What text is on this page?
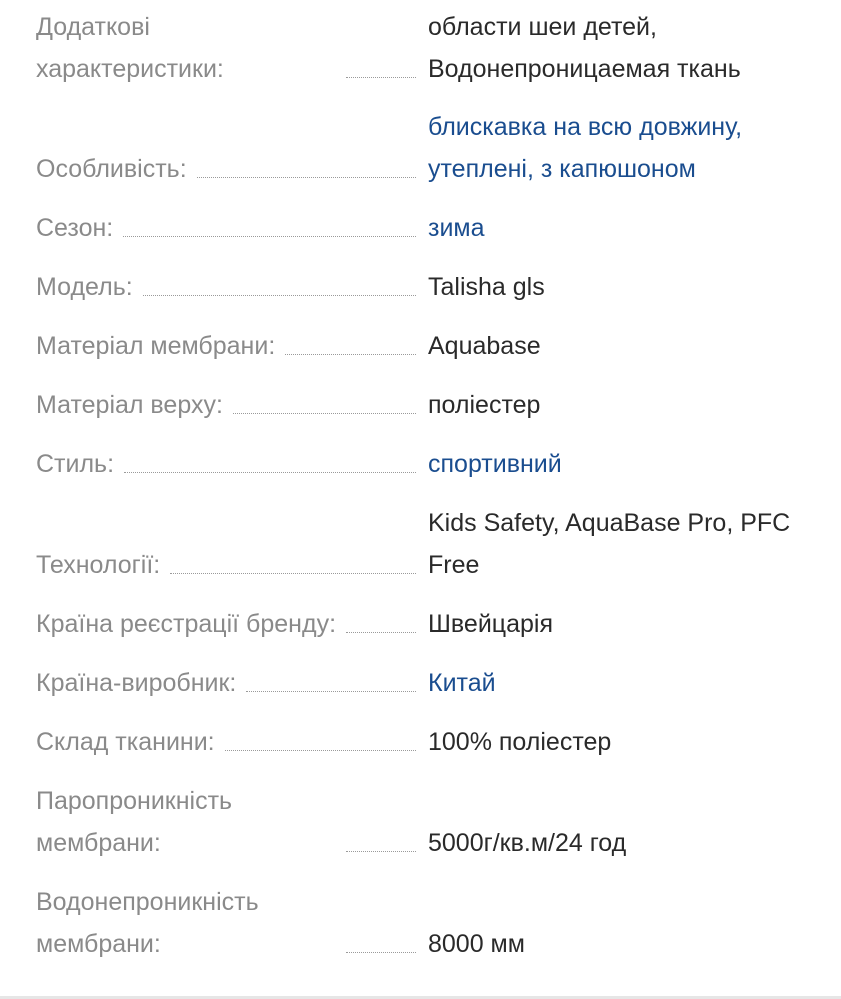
Додаткові характеристики:
области шеи детей, Водонепроницаемая ткань
Особливість:
блискавка на всю довжину, утеплені, з капюшоном
Сезон:	зима
Модель:	Talisha gls
Матеріал мембрани:	Aquabase
Матеріал верху:	поліестер
Стиль:	спортивний
Технології:
Kids Safety, AquaBase Pro, PFC Free
Країна реєстрації бренду:	Швейцарія
Країна-виробник:	Китай
Склад тканини:	100% поліестер
Паропроникність мембрани:	5000г/кв.м/24 год
Водонепроникність мембрани:	8000 мм
